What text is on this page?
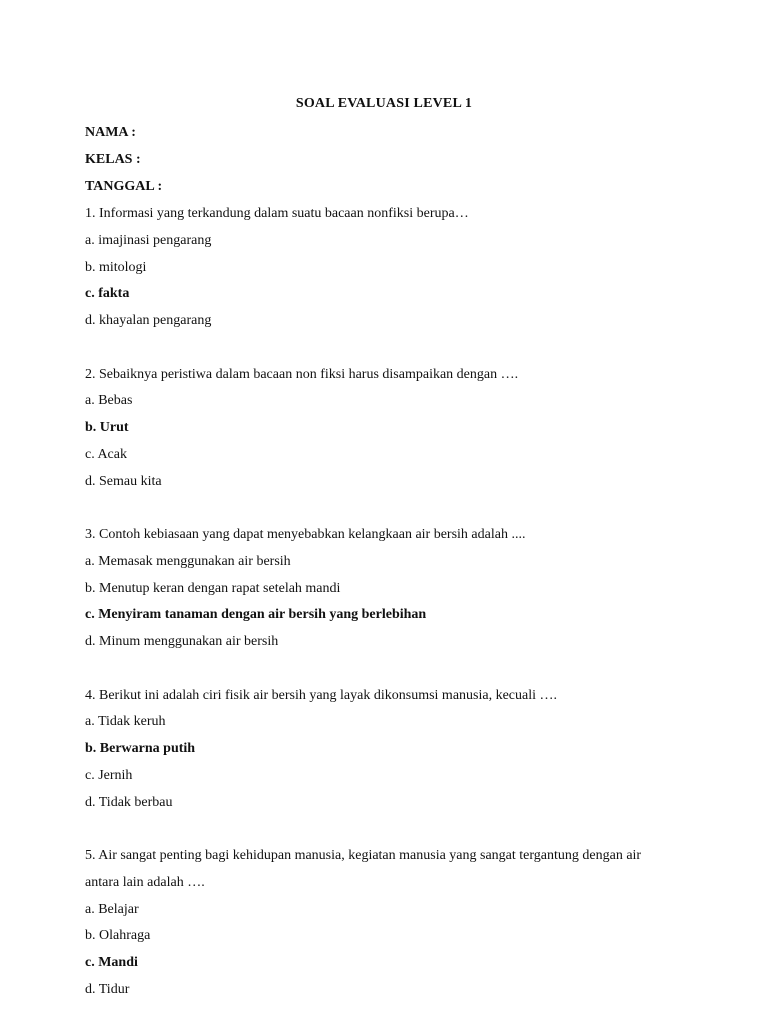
SOAL EVALUASI LEVEL 1
NAMA :
KELAS :
TANGGAL :
1. Informasi yang terkandung dalam suatu bacaan nonfiksi berupa…
a. imajinasi pengarang
b. mitologi
c. fakta
d. khayalan pengarang
2. Sebaiknya peristiwa dalam bacaan non fiksi harus disampaikan dengan ….
a. Bebas
b. Urut
c. Acak
d. Semau kita
3. Contoh kebiasaan yang dapat menyebabkan kelangkaan air bersih adalah ....
a. Memasak menggunakan air bersih
b. Menutup keran dengan rapat setelah mandi
c. Menyiram tanaman dengan air bersih yang berlebihan
d. Minum menggunakan air bersih
4. Berikut ini adalah ciri fisik air bersih yang layak dikonsumsi manusia, kecuali ….
a. Tidak keruh
b. Berwarna putih
c. Jernih
d. Tidak berbau
5. Air sangat penting bagi kehidupan manusia, kegiatan manusia yang sangat tergantung dengan air
antara lain adalah ….
a. Belajar
b. Olahraga
c. Mandi
d. Tidur
